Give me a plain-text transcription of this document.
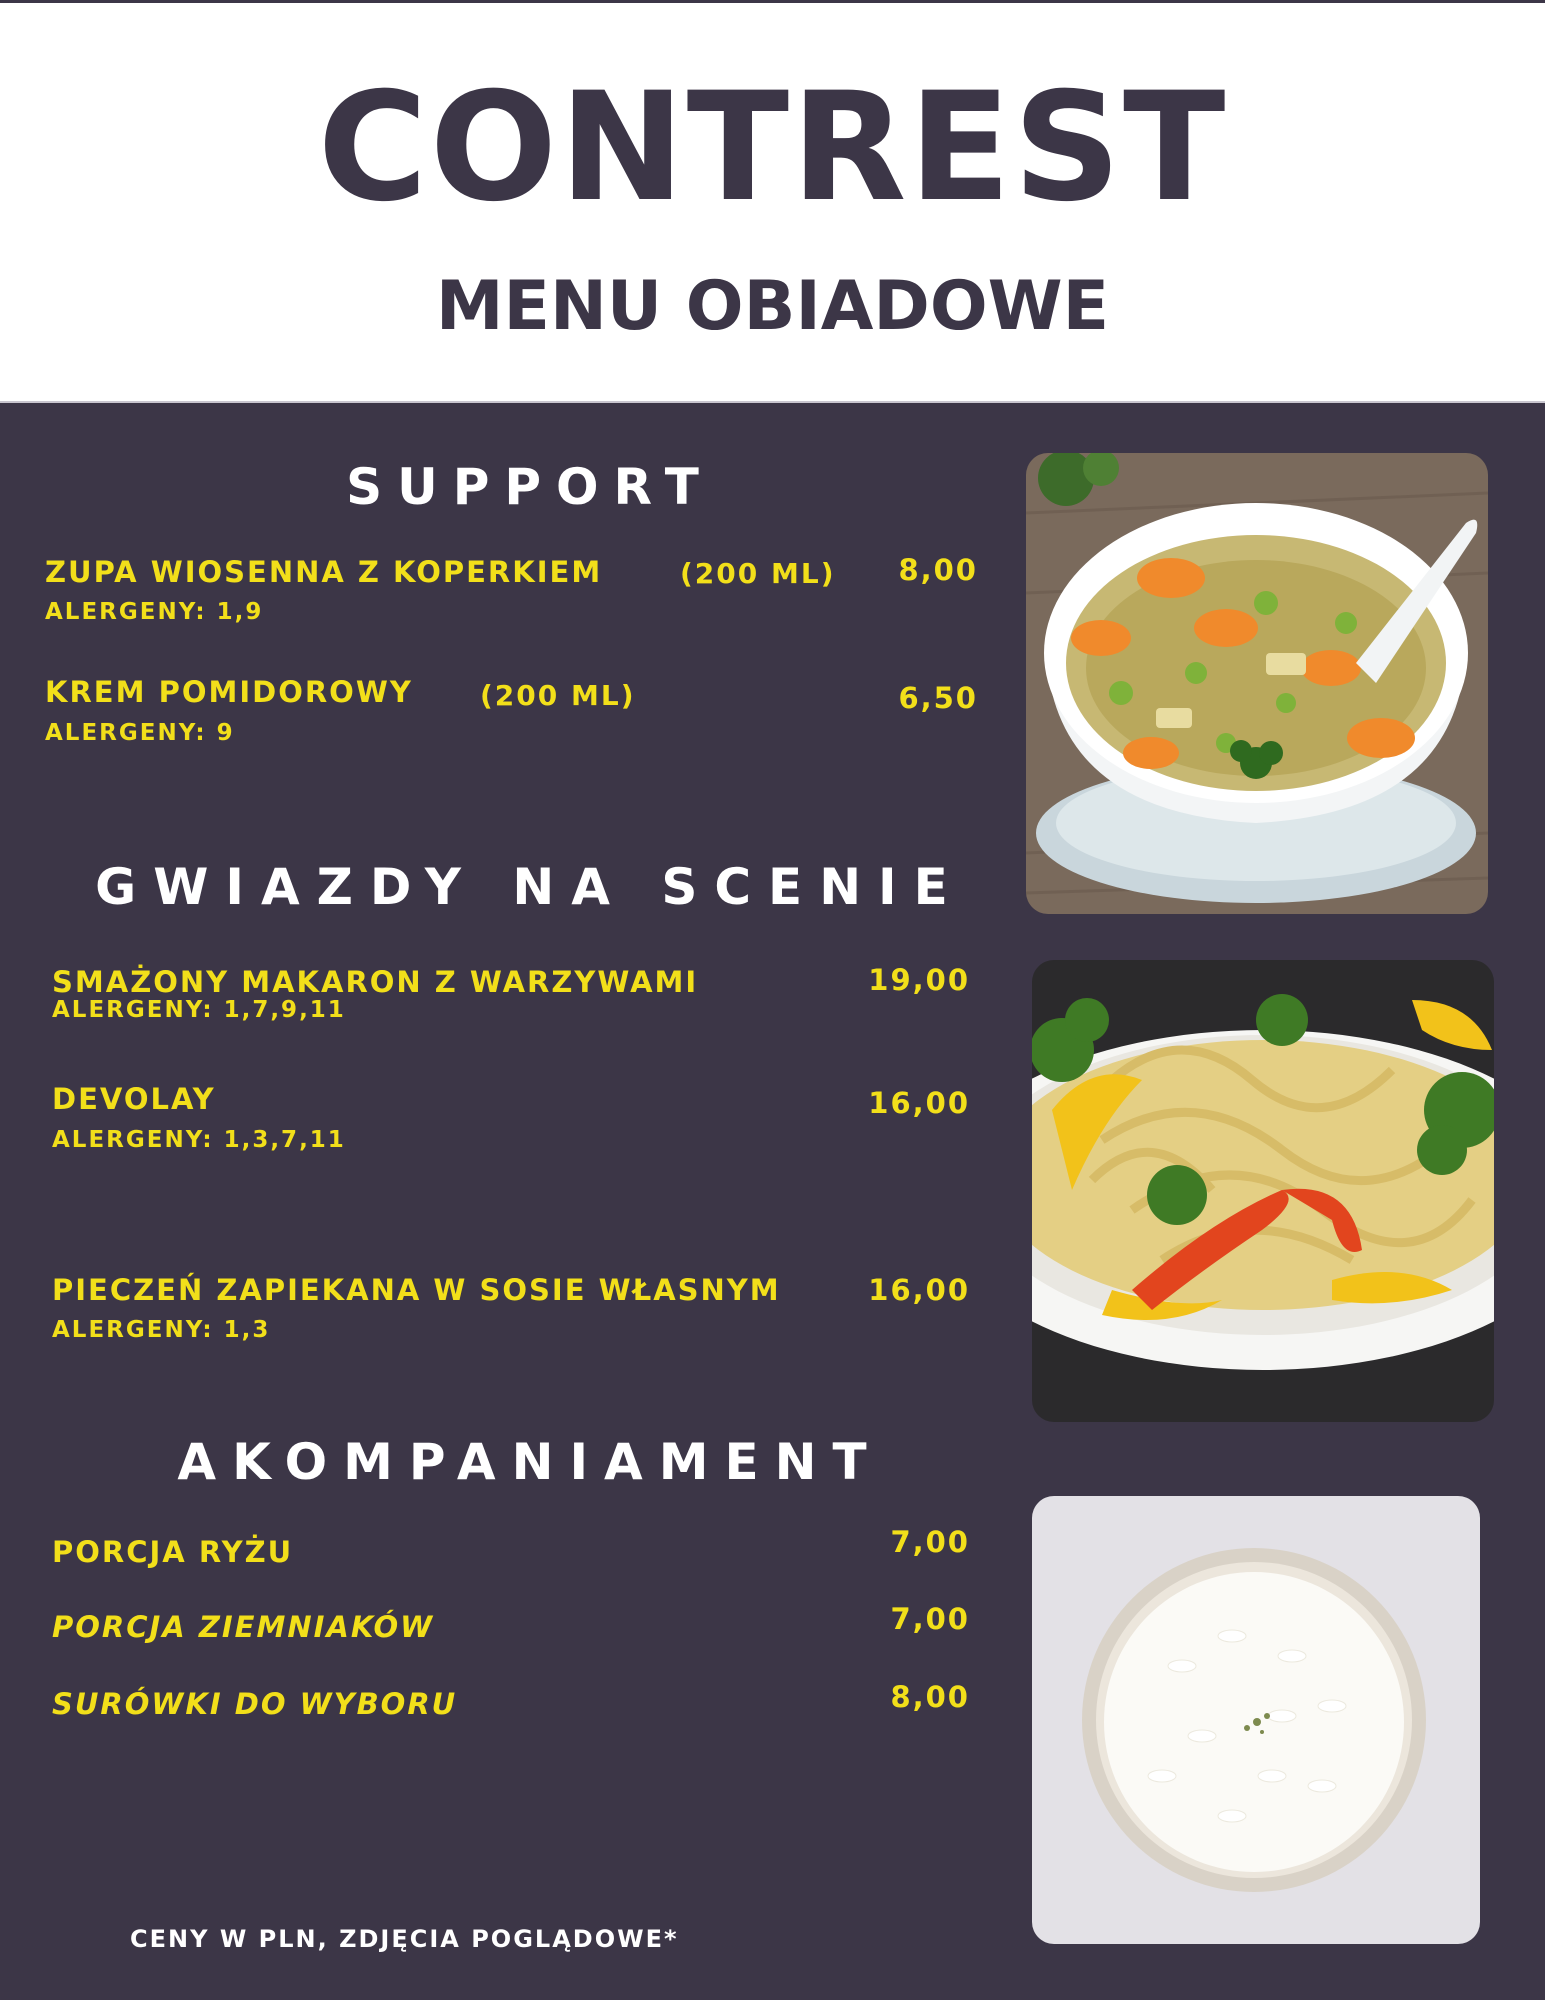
CONTREST
MENU OBIADOWE
SUPPORT
ZUPA WIOSENNA Z KOPERKIEM	(200 ML)	8,00
ALERGENY: 1,9
KREM POMIDOROWY (200 ML)	6,50
ALERGENY: 9
GWIAZDY NA SCENIE
SMAŻONY MAKARON Z WARZYWAMI	19,00
ALERGENY: 1,7,9,11
DEVOLAY	16,00
ALERGENY: 1,3,7,11
PIECZEŃ ZAPIEKANA W SOSIE WŁASNYM	16,00
ALERGENY: 1,3
AKOMPANIAMENT
PORCJA RYŻU	7,00
PORCJA ZIEMNIAKÓW	7,00
SURÓWKI DO WYBORU	8,00
CENY W PLN, ZDJĘCIA POGLĄDOWE*
